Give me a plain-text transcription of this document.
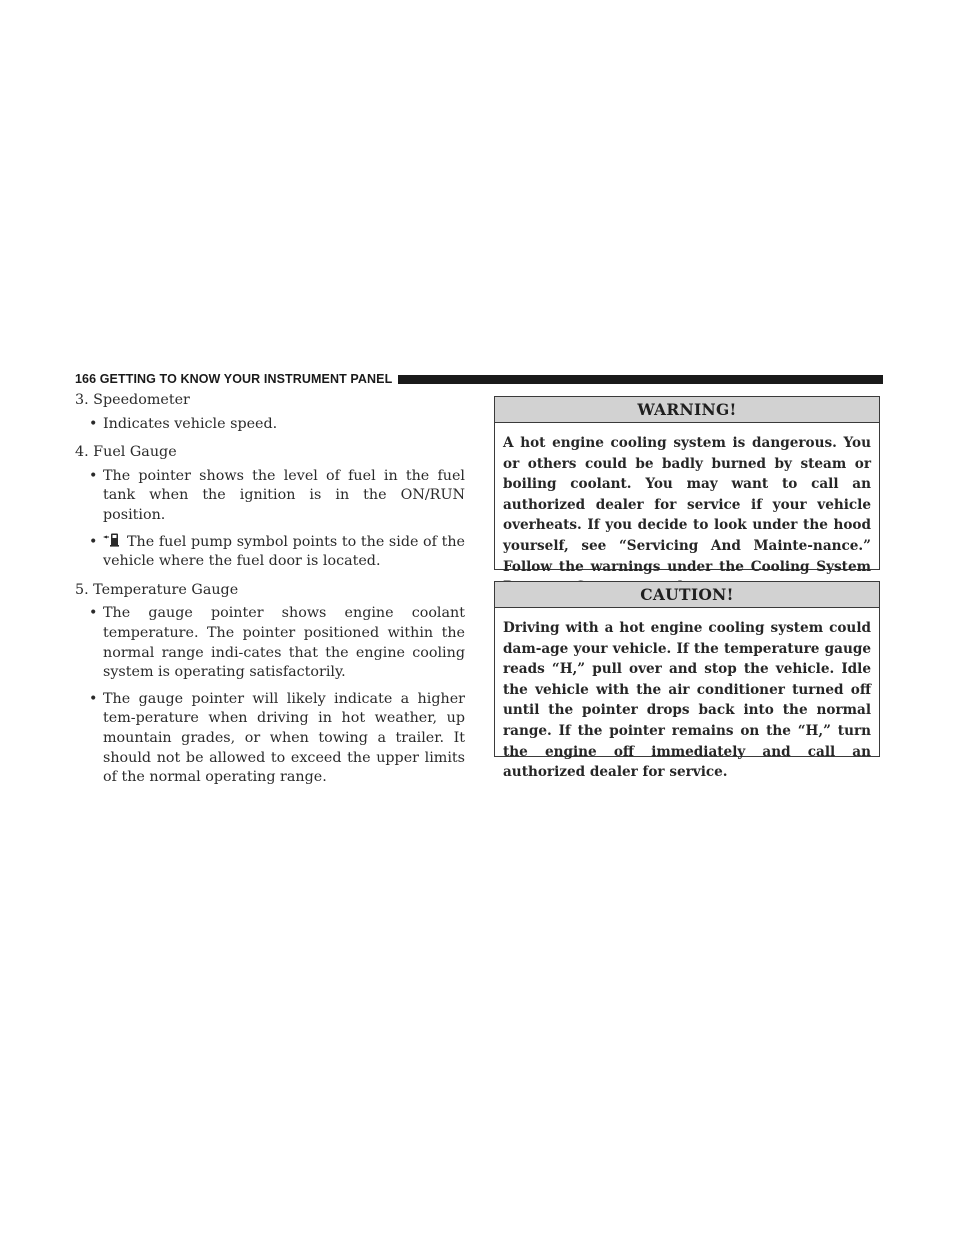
166 GETTING TO KNOW YOUR INSTRUMENT PANEL
3. Speedometer
• Indicates vehicle speed.
4. Fuel Gauge
• The pointer shows the level of fuel in the fuel tank when the ignition is in the ON/RUN position.
• The fuel pump symbol points to the side of the vehicle where the fuel door is located.
5. Temperature Gauge
• The gauge pointer shows engine coolant temperature. The pointer positioned within the normal range indi-cates that the engine cooling system is operating satisfactorily.
• The gauge pointer will likely indicate a higher tem-perature when driving in hot weather, up mountain grades, or when towing a trailer. It should not be allowed to exceed the upper limits of the normal operating range.
WARNING!
A hot engine cooling system is dangerous. You or others could be badly burned by steam or boiling coolant. You may want to call an authorized dealer for service if your vehicle overheats. If you decide to look under the hood yourself, see “Servicing And Mainte-nance.” Follow the warnings under the Cooling System
CAUTION!
Driving with a hot engine cooling system could dam-age your vehicle. If the temperature gauge reads “H,” pull over and stop the vehicle. Idle the vehicle with the air conditioner turned off until the pointer drops back into the normal range. If the pointer remains on the “H,” turn the engine off immediately and call an authorized dealer for service.
